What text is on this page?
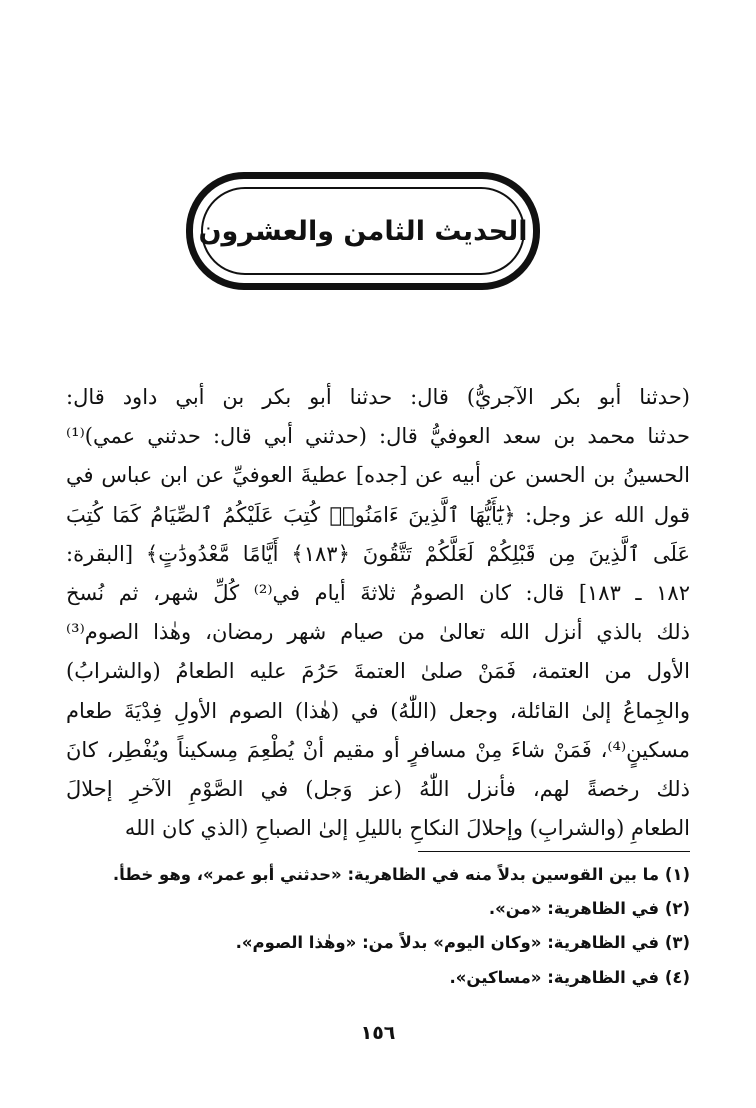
الحديث الثامن والعشرون
(حدثنا أبو بكر الآجريُّ) قال: حدثنا أبو بكر بن أبي داود قال:
حدثنا محمد بن سعد العوفيُّ قال: (حدثني أبي قال: حدثني عمي)⁽¹⁾
الحسينُ بن الحسن عن أبيه عن [جده] عطيةَ العوفيِّ عن ابن عباس في
قول الله عز وجل: ﴿يَٰٓأَيُّهَا ٱلَّذِينَ ءَامَنُوا۟ كُتِبَ عَلَيْكُمُ ٱلصِّيَامُ كَمَا كُتِبَ
عَلَى ٱلَّذِينَ مِن قَبْلِكُمْ لَعَلَّكُمْ تَتَّقُونَ ﴿١٨٣﴾ أَيَّامًا مَّعْدُودَٰتٍ﴾ [البقرة:
١٨٢ ـ ١٨٣] قال: كان الصومُ ثلاثةَ أيام في⁽²⁾ كُلِّ شهر، ثم نُسخ
ذلك بالذي أنزل الله تعالىٰ من صيام شهر رمضان، وهٰذا الصوم⁽³⁾
الأول من العتمة، فَمَنْ صلىٰ العتمةَ حَرُمَ عليه الطعامُ (والشرابُ)
والجِماعُ إلىٰ القائلة، وجعل (اللّٰهُ) في (هٰذا) الصوم الأولِ فِدْيَةَ طعام
مسكينٍ⁽⁴⁾، فَمَنْ شاءَ مِنْ مسافرٍ أو مقيم أنْ يُطْعِمَ مِسكيناً ويُفْطِر، كانَ
ذلك رخصةً لهم، فأنزل اللّٰهُ (عز وَجل) في الصَّوْمِ الآخرِ إحلالَ
الطعامِ (والشرابِ) وإحلالَ النكاحِ بالليلِ إلىٰ الصباحِ (الذي كان الله
(١) ما بين القوسين بدلاً منه في الظاهرية: «حدثني أبو عمر»، وهو خطأ.
(٢) في الظاهرية: «من».
(٣) في الظاهرية: «وكان اليوم» بدلاً من: «وهٰذا الصوم».
(٤) في الظاهرية: «مساكين».
١٥٦
